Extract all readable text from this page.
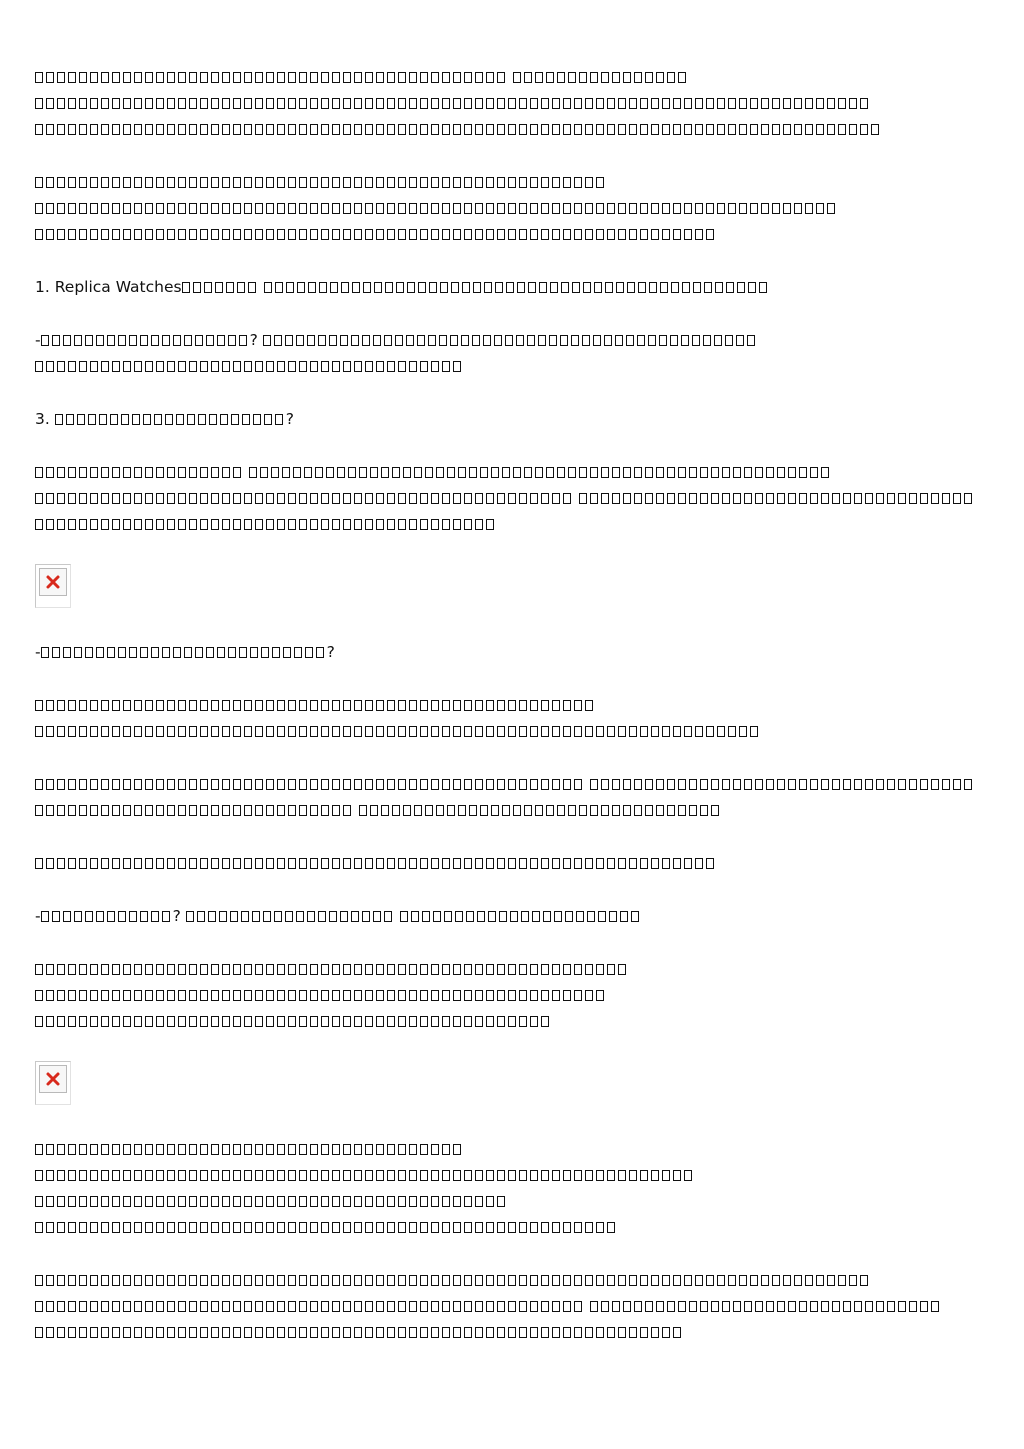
1. Replica Watches
-	?
3.	?
-	?
-	?
